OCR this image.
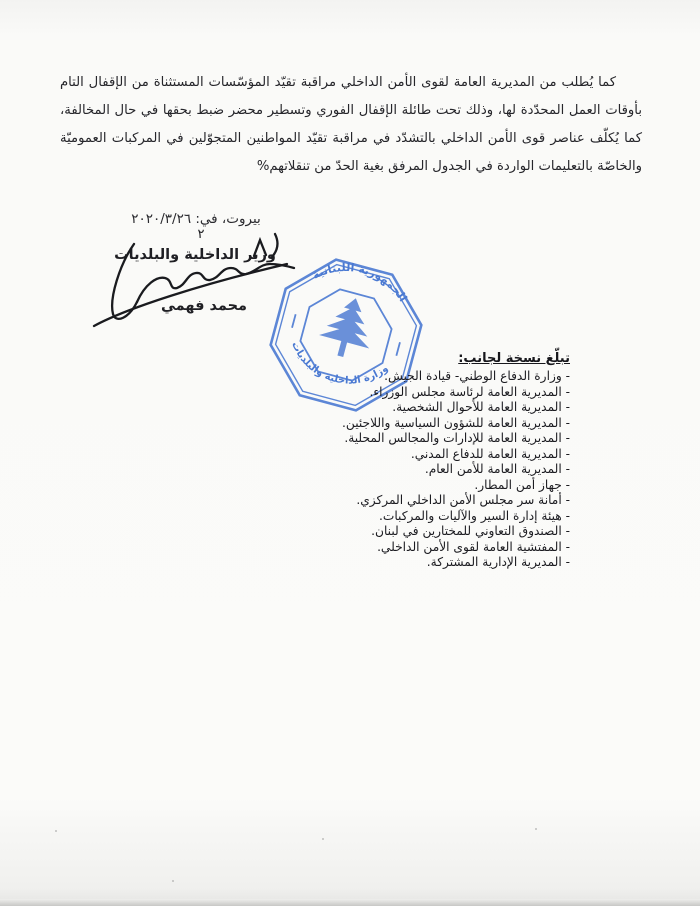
كما يُطلب من المديرية العامة لقوى الأمن الداخلي مراقبة تقيّد المؤسّسات المستثناة من الإقفال التام بأوقات العمل المحدّدة لها، وذلك تحت طائلة الإقفال الفوري وتسطير محضر ضبط بحقها في حال المخالفة، كما يُكلّف عناصر قوى الأمن الداخلي بالتشدّد في مراقبة تقيّد المواطنين المتجوّلين في المركبات العموميّة والخاصّة بالتعليمات الواردة في الجدول المرفق بغية الحدّ من تنقلاتهم%
بيروت، في: ٢٠٢٠/٣/٢٦
وزير الداخلية والبلديات
محمد فهمي
٢
الجمهورية اللبنانية
وزارة الداخلية والبلديات
تبلّغ نسخة لجانب:
- وزارة الدفاع الوطني- قيادة الجيش.
- المديرية العامة لرئاسة مجلس الوزراء.
- المديرية العامة للأحوال الشخصية.
- المديرية العامة للشؤون السياسية واللاجئين.
- المديرية العامة للإدارات والمجالس المحلية.
- المديرية العامة للدفاع المدني.
- المديرية العامة للأمن العام.
- جهاز أمن المطار.
- أمانة سر مجلس الأمن الداخلي المركزي.
- هيئة إدارة السير والآليات والمركبات.
- الصندوق التعاوني للمختارين في لبنان.
- المفتشية العامة لقوى الأمن الداخلي.
- المديرية الإدارية المشتركة.
